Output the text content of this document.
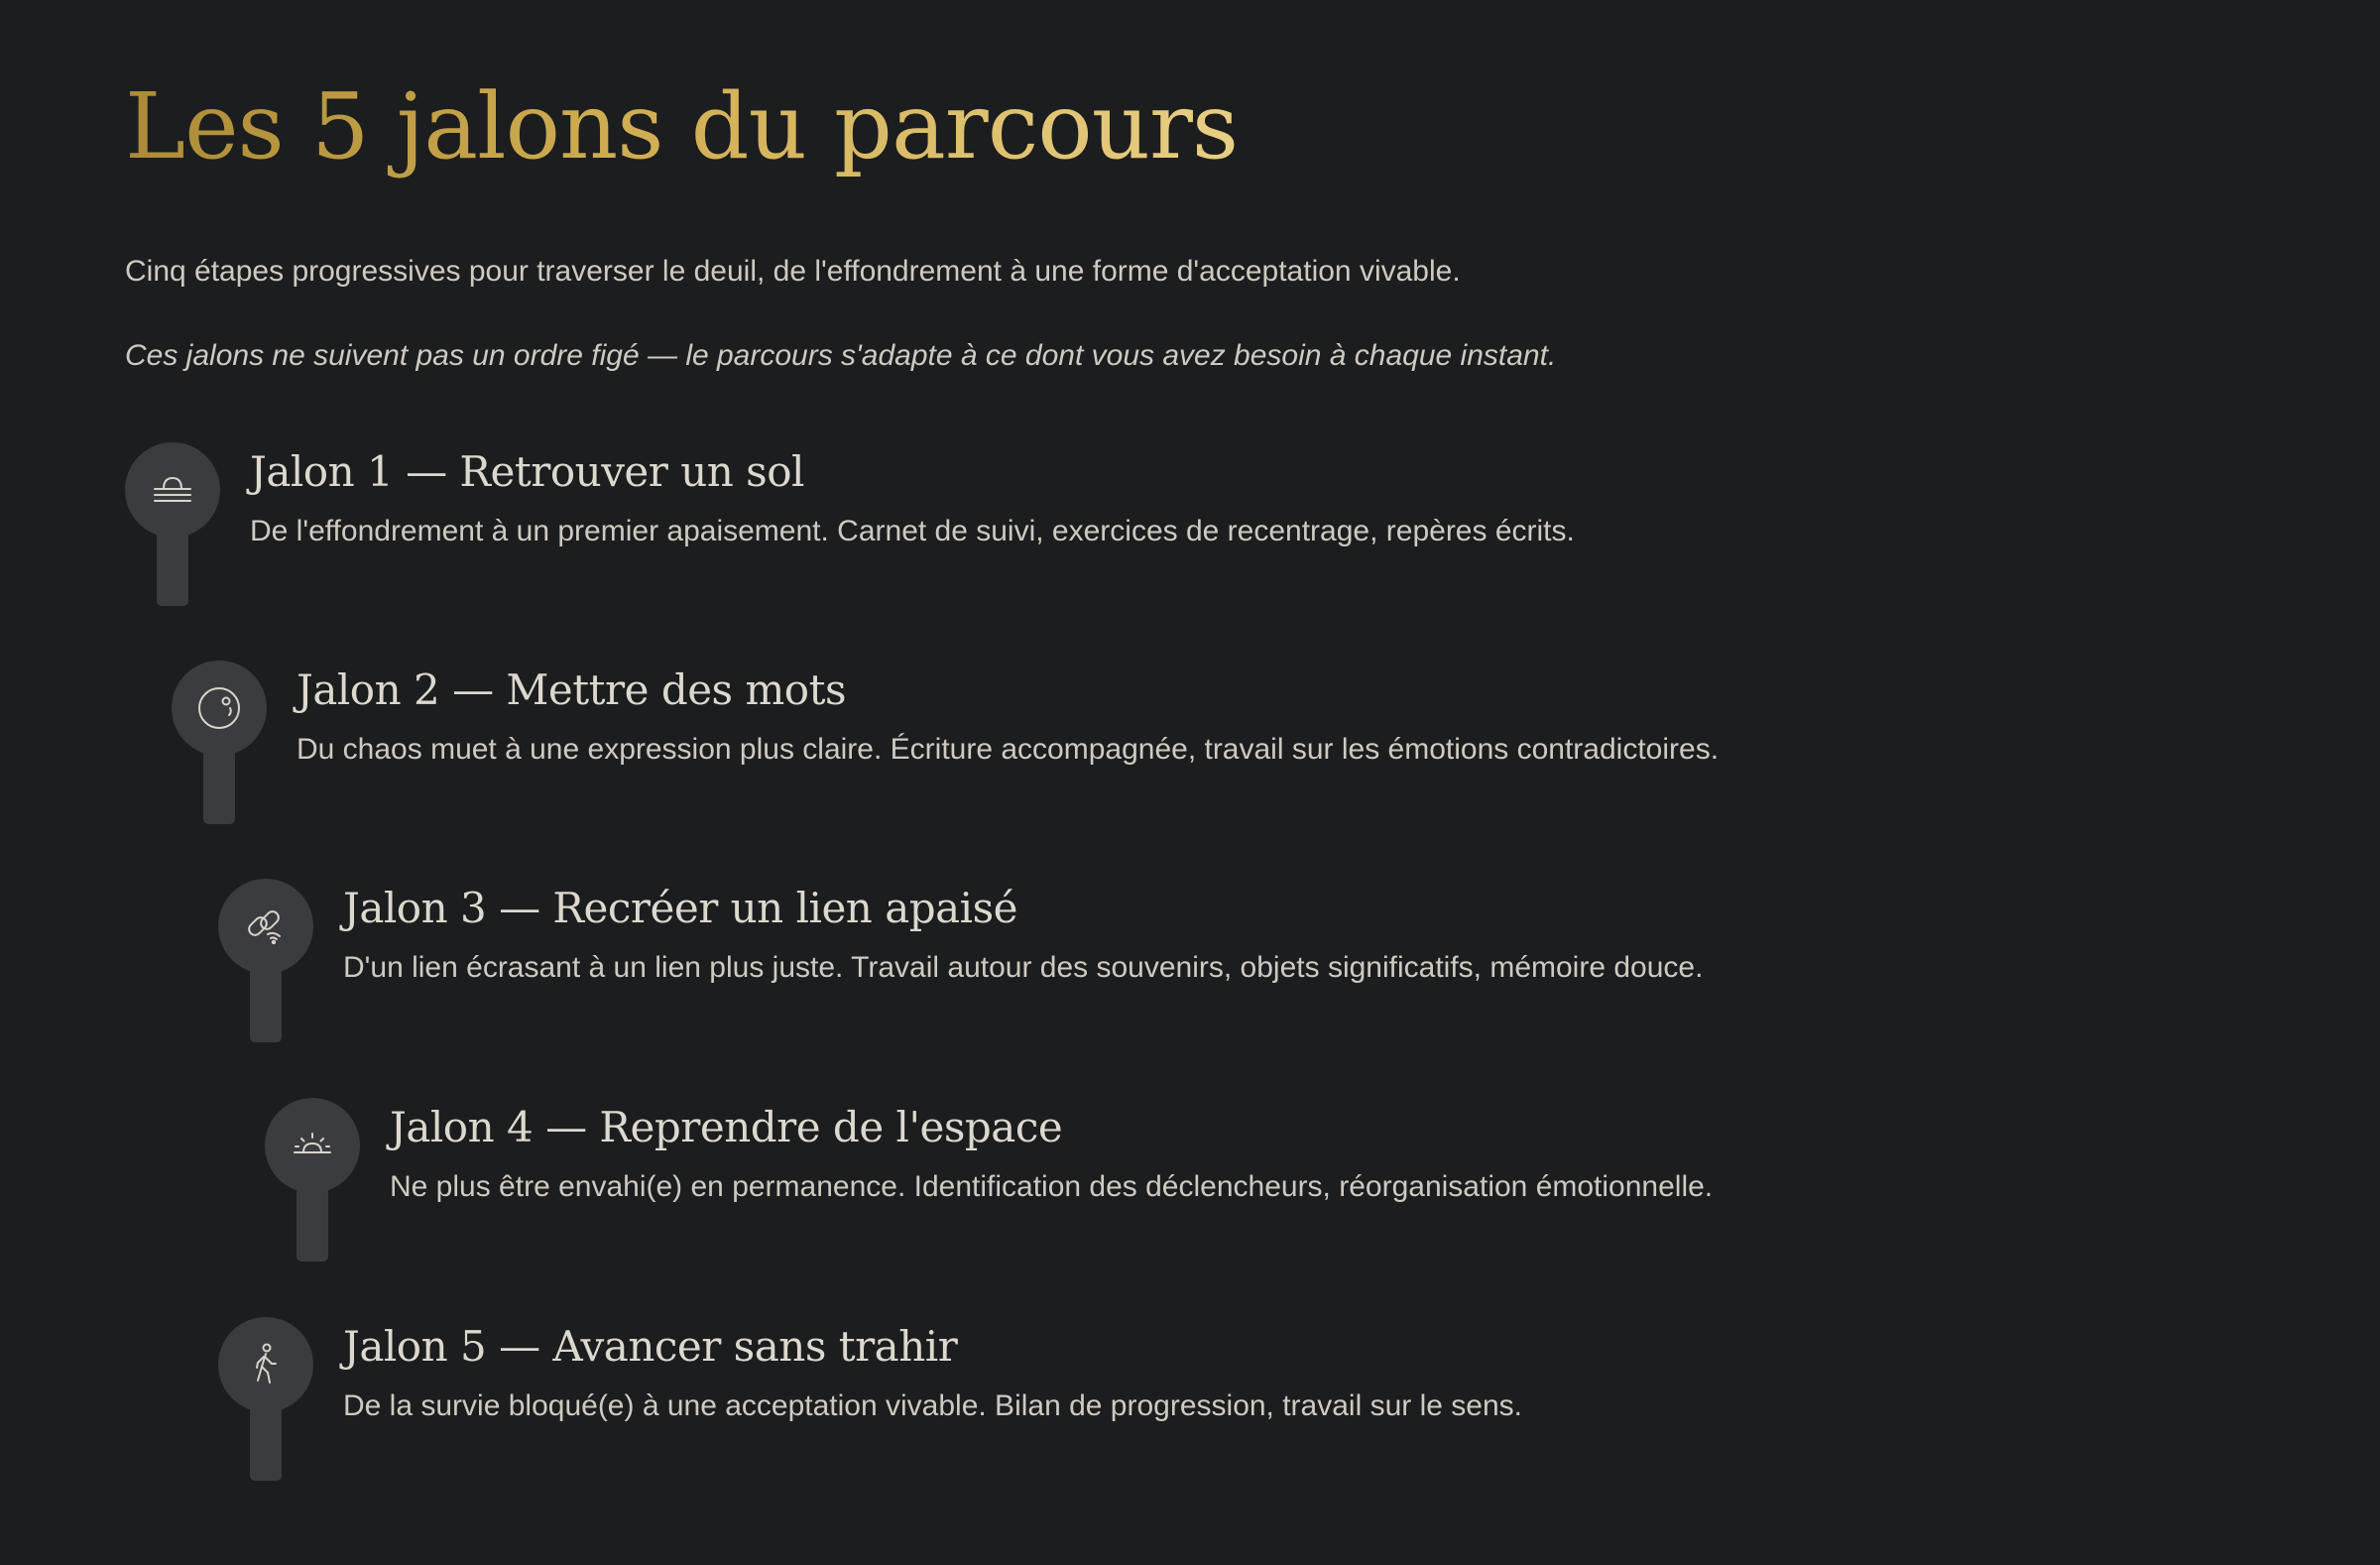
Les 5 jalons du parcours

Cinq étapes progressives pour traverser le deuil, de l'effondrement à une forme d'acceptation vivable.

Ces jalons ne suivent pas un ordre figé — le parcours s'adapte à ce dont vous avez besoin à chaque instant.

Jalon 1 — Retrouver un sol

De l'effondrement à un premier apaisement. Carnet de suivi, exercices de recentrage, repères écrits.

Jalon 2 — Mettre des mots

Du chaos muet à une expression plus claire. Écriture accompagnée, travail sur les émotions contradictoires.

Jalon 3 — Recréer un lien apaisé

D'un lien écrasant à un lien plus juste. Travail autour des souvenirs, objets significatifs, mémoire douce.

Jalon 4 — Reprendre de l'espace

Ne plus être envahi(e) en permanence. Identification des déclencheurs, réorganisation émotionnelle.

Jalon 5 — Avancer sans trahir

De la survie bloqué(e) à une acceptation vivable. Bilan de progression, travail sur le sens.
